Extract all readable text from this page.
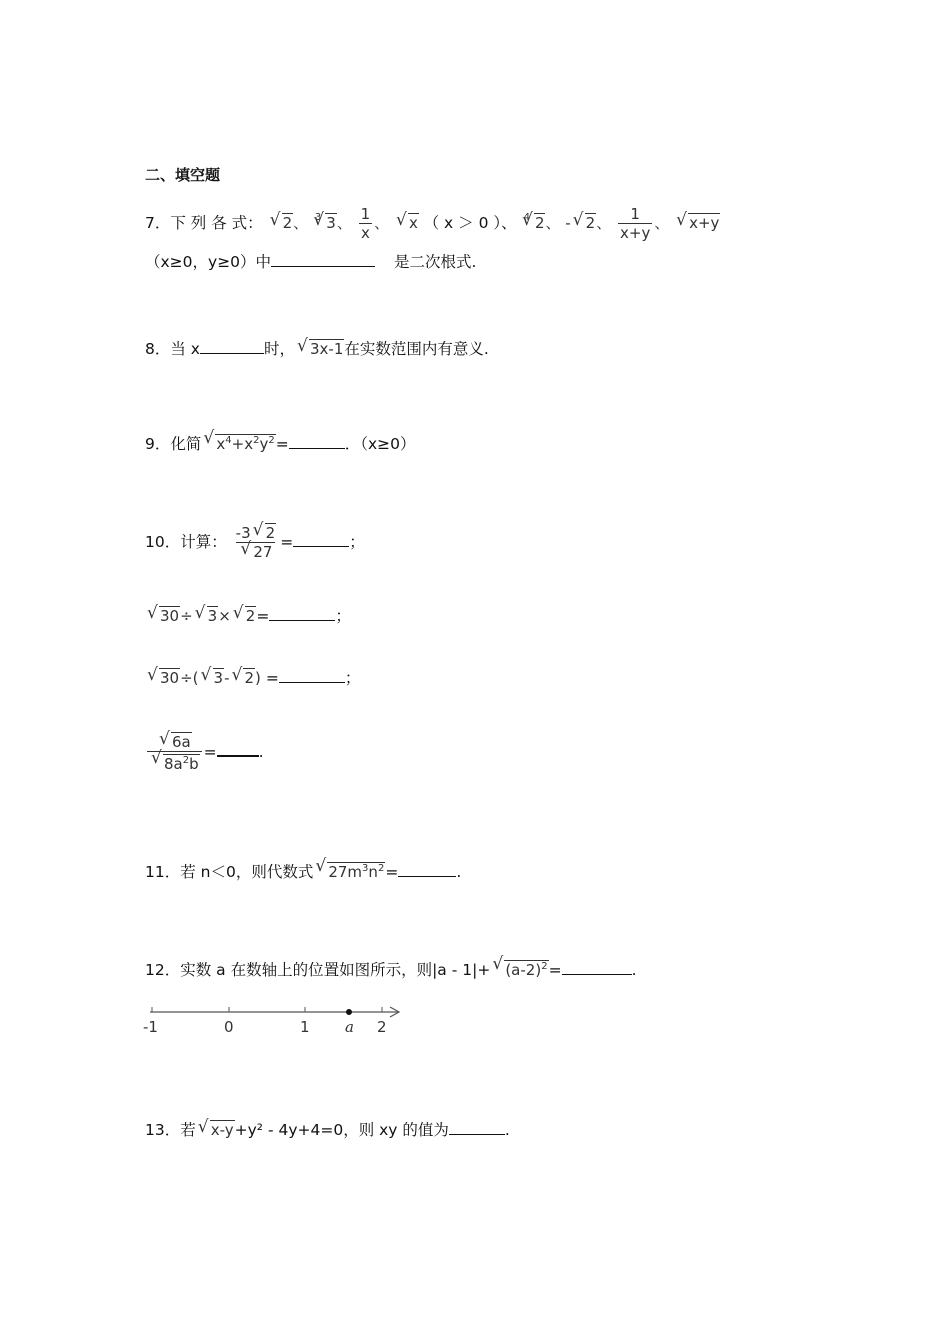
二、填空题
7．下 列 各 式： √ 2、 $^3$ √ 3、 $\frac{1}{x}$ 、 √ x （ x ＞ 0 ）、 $^4$ √ 2、 - √ 2、 $\frac{1}{x+y}$ 、 √ x+y
（x≥0，y≥0）中	是二次根式.
8．当 x	时， √ 3x-1在实数范围内有意义.
9．化简 √ $x^4+x^2y^2=$	．（x≥0）
10．计算： -3 √ 2
√ 27 =	；
√ 30÷ √ 3× √ 2=	；
√ 30÷( √ 3- √ 2) =	；
√ 6a
√ $8a^2b$ =	.
11．若 n＜0，则代数式 √ $27m^3n^2=$	.
12．实数 a 在数轴上的位置如图所示，则|a - 1|+ √ $(a-2)^2=$	.
-1	0	1 a 2
13．若 √ x-y+y² - 4y+4=0，则 xy 的值为	.
